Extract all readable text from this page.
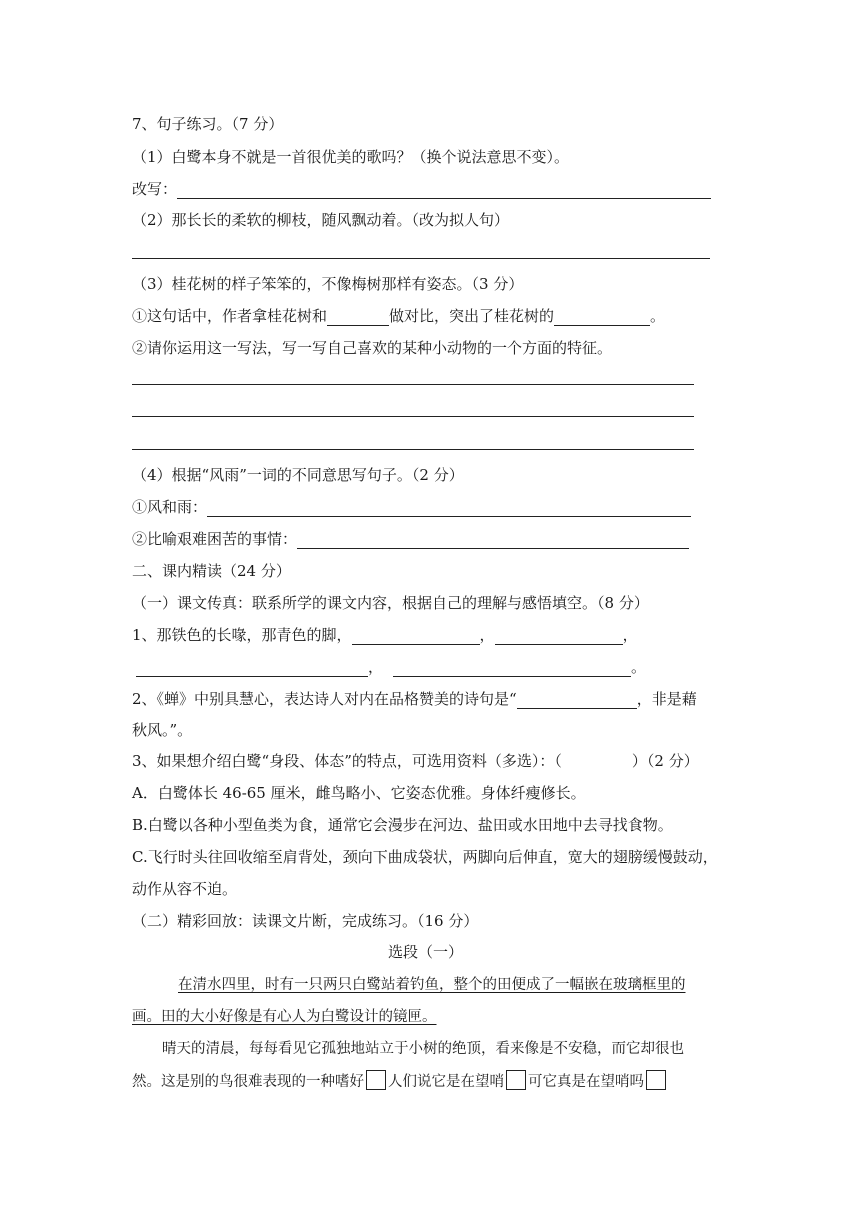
7、句子练习。（7 分）
（1）白鹭本身不就是一首很优美的歌吗？（换个说法意思不变）。
改写：
（2）那长长的柔软的柳枝，随风飘动着。（改为拟人句）
（3）桂花树的样子笨笨的，不像梅树那样有姿态。（3 分）
①这句话中，作者拿桂花树和	做对比，突出了桂花树的	。
②请你运用这一写法，写一写自己喜欢的某种小动物的一个方面的特征。
（4）根据“风雨”一词的不同意思写句子。（2 分）
①风和雨：
②比喻艰难困苦的事情：
二、课内精读（24 分）
（一）课文传真：联系所学的课文内容，根据自己的理解与感悟填空。（8 分）
1、那铁色的长喙，那青色的脚，	，	，
，	。
2、《蝉》中别具慧心，表达诗人对内在品格赞美的诗句是“	，非是藉
秋风。”。
3、如果想介绍白鹭“身段、体态”的特点，可选用资料（多选）：（	）（2 分）
A．白鹭体长 46-65 厘米，雌鸟略小、它姿态优雅。身体纤瘦修长。
B.白鹭以各种小型鱼类为食，通常它会漫步在河边、盐田或水田地中去寻找食物。
C.飞行时头往回收缩至肩背处，颈向下曲成袋状，两脚向后伸直，宽大的翅膀缓慢鼓动，
动作从容不迫。
（二）精彩回放：读课文片断，完成练习。（16 分）
选段（一）
在清水四里，时有一只两只白鹭站着钓鱼，整个的田便成了一幅嵌在玻璃框里的
画。田的大小好像是有心人为白鹭设计的镜匣。
晴天的清晨，每每看见它孤独地站立于小树的绝顶，看来像是不安稳，而它却很也
然。这是别的鸟很难表现的一种嗜好 人们说它是在望哨 可它真是在望哨吗
